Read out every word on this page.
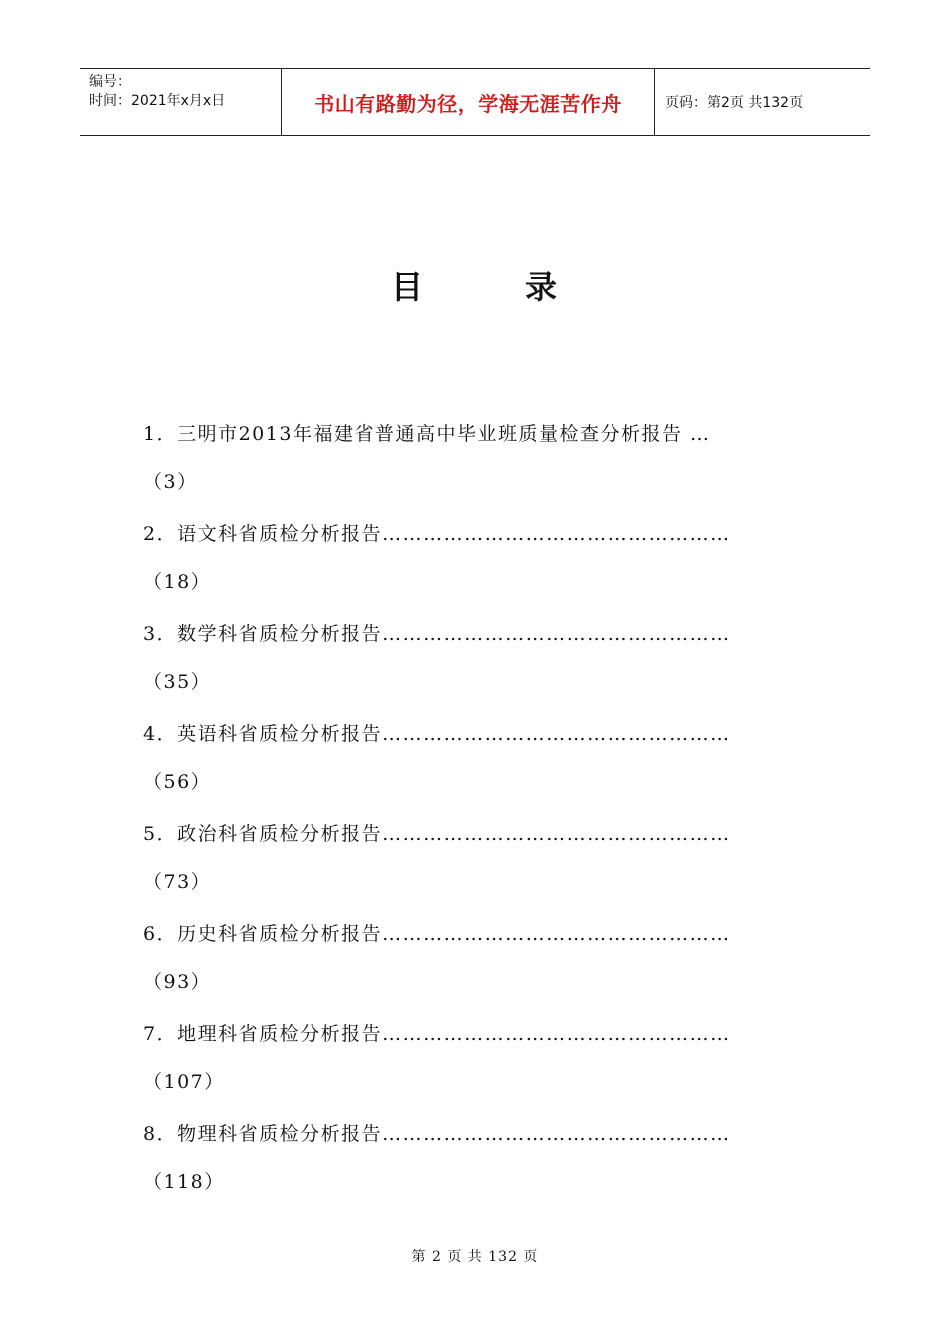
编号：
时间：2021年x月x日	书山有路勤为径，学海无涯苦作舟	页码：第2页 共132页
目	录
1．三明市2013年福建省普通高中毕业班质量检查分析报告 …
（3）
2．语文科省质检分析报告……………………………………………
（18）
3．数学科省质检分析报告……………………………………………
（35）
4．英语科省质检分析报告……………………………………………
（56）
5．政治科省质检分析报告……………………………………………
（73）
6．历史科省质检分析报告……………………………………………
（93）
7．地理科省质检分析报告……………………………………………
（107）
8．物理科省质检分析报告……………………………………………
（118）
第 2 页 共 132 页
